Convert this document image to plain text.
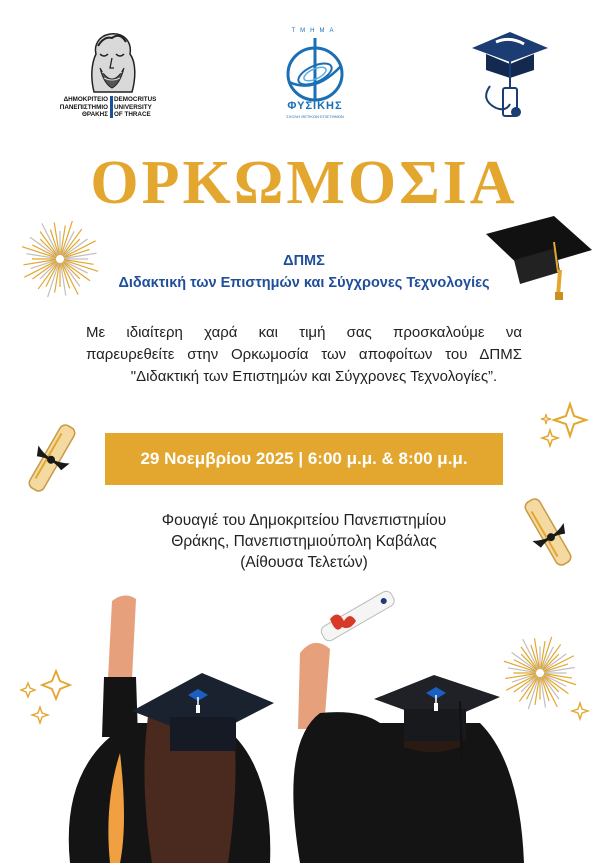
ΔΗΜΟΚΡΙΤΕΙΟ
ΠΑΝΕΠΙΣΤΗΜΙΟ
ΘΡΑΚΗΣ
DEMOCRITUS
UNIVERSITY
OF THRACE
ΤΜΗΜΑ
ΦΥΣΙΚΗΣ
ΣΧΟΛΗ ΘΕΤΙΚΩΝ ΕΠΙΣΤΗΜΩΝ
ΟΡΚΩΜΟΣΙΑ
ΔΠΜΣ
Διδακτική των Επιστημών και Σύγχρονες Τεχνολογίες
Με ιδιαίτερη χαρά και τιμή σας προσκαλούμε να
παρευρεθείτε στην Ορκωμοσία των αποφοίτων του ΔΠΜΣ
"Διδακτική των Επιστημών και Σύγχρονες Τεχνολογίες”.
29 Νοεμβρίου 2025 | 6:00 μ.μ. & 8:00 μ.μ.
Φουαγιέ του Δημοκριτείου Πανεπιστημίου
Θράκης, Πανεπιστημιούπολη Καβάλας
(Αίθουσα Τελετών)
